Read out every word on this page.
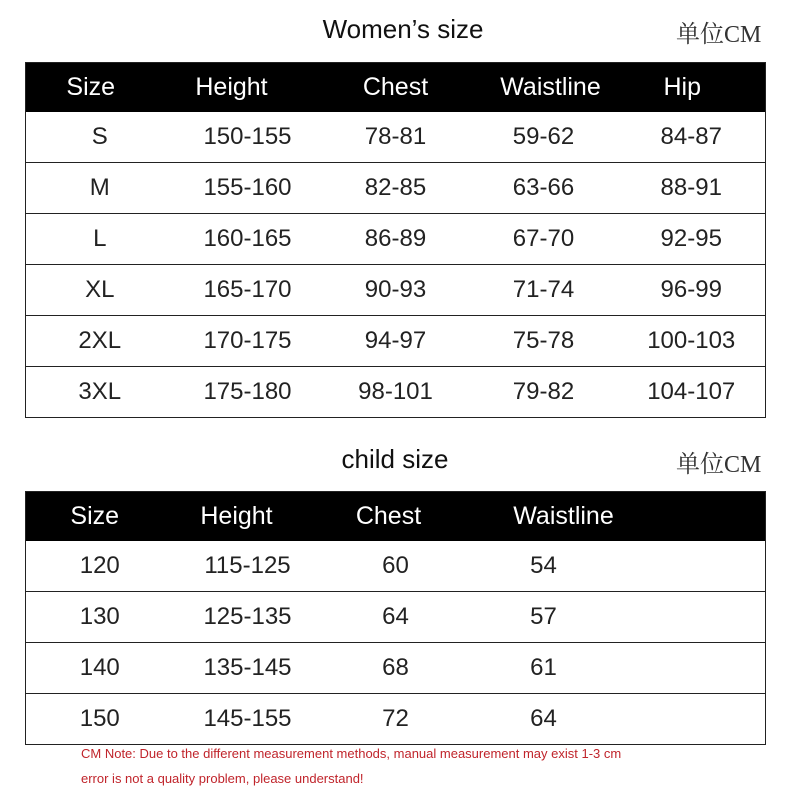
Women’s size	单位CM
Size	Height	Chest	Waistline	Hip
S	150-155	78-81	59-62	84-87
M	155-160	82-85	63-66	88-91
L	160-165	86-89	67-70	92-95
XL	165-170	90-93	71-74	96-99
2XL	170-175	94-97	75-78	100-103
3XL	175-180	98-101	79-82	104-107
child size	单位CM
Size	Height	Chest	Waistline	
120	115-125	60	54	
130	125-135	64	57	
140	135-145	68	61	
150	145-155	72	64	
CM Note: Due to the different measurement methods, manual measurement may exist 1-3 cm
error is not a quality problem, please understand!
